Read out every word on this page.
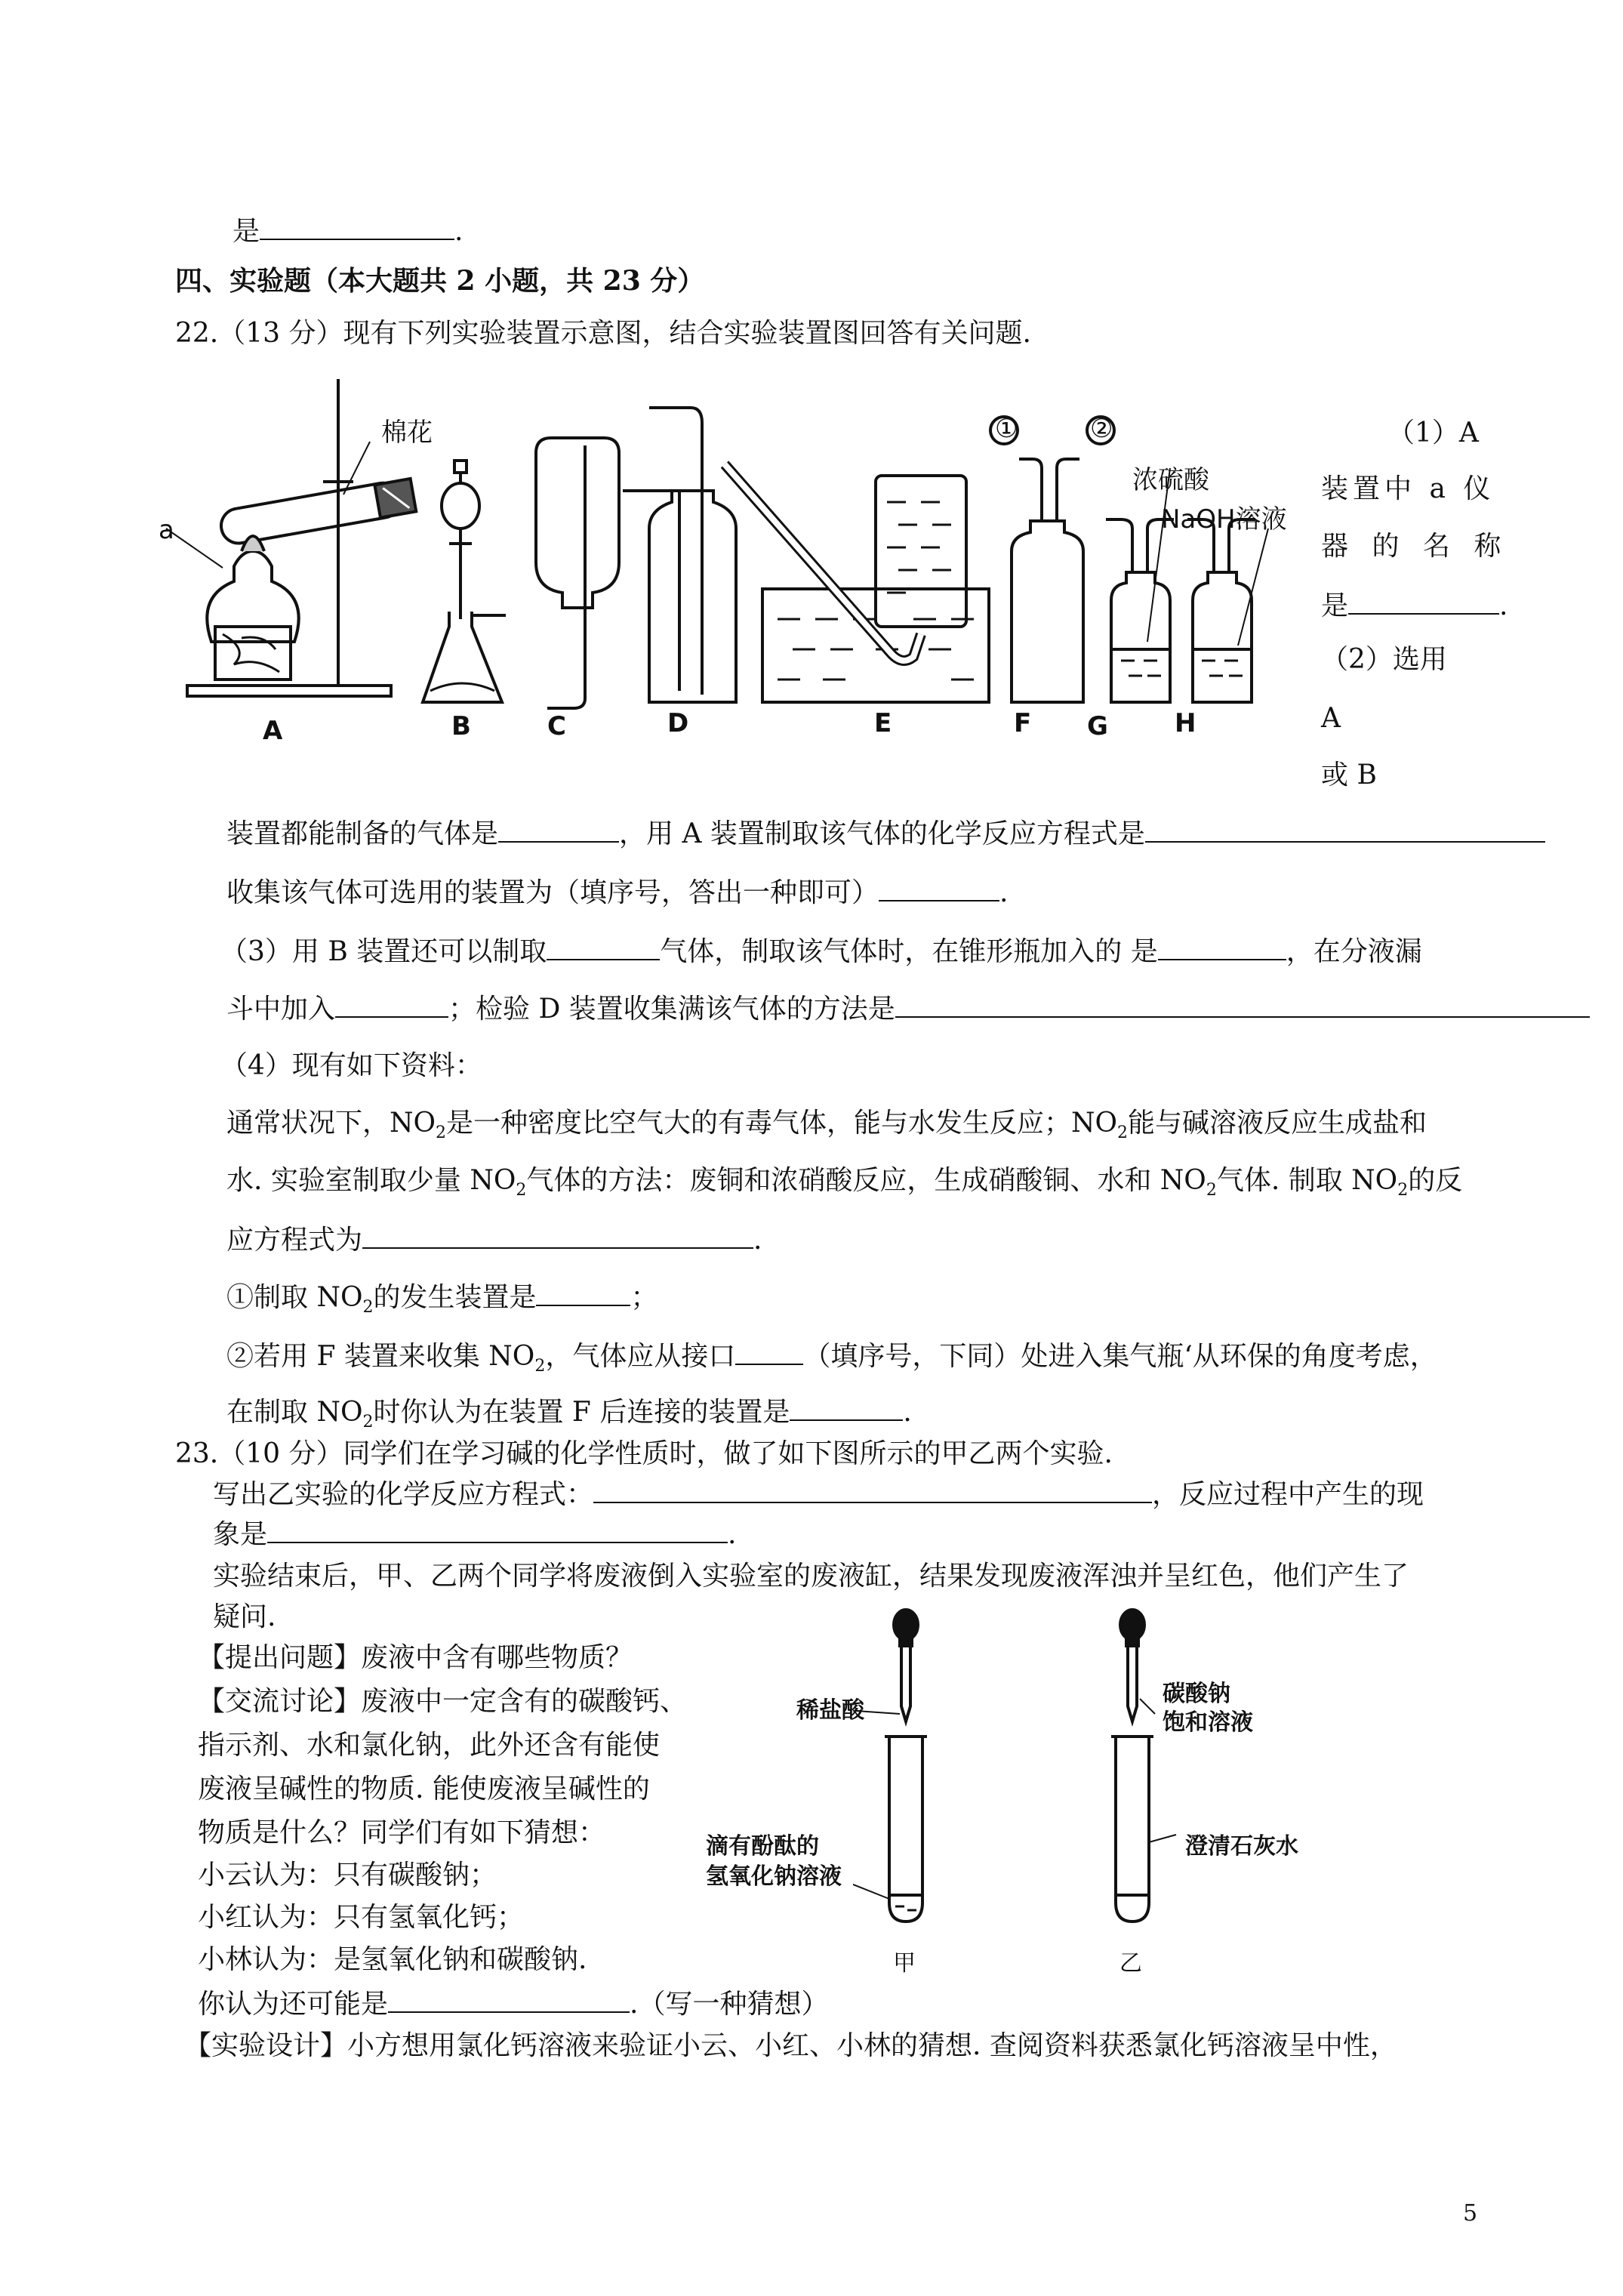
是	.
四、实验题（本大题共 2 小题，共 23 分）
22.（13 分）现有下列实验装置示意图，结合实验装置图回答有关问题.
a
棉花	①	②
浓硫酸
NaOH溶液
A	B	C	D	E	F G	H
（1）A
装置中 a 仪
器 的 名 称
是	.
（2）选用
A
或 B
装置都能制备的气体是	，用 A 装置制取该气体的化学反应方程式是
收集该气体可选用的装置为（填序号，答出一种即可）	.
（3）用 B 装置还可以制取	气体，制取该气体时，在锥形瓶加入的 是	，在分液漏
斗中加入	；检验 D 装置收集满该气体的方法是
（4）现有如下资料：
通常状况下，$NO_2$是一种密度比空气大的有毒气体，能与水发生反应；$NO_2$能与碱溶液反应生成盐和
水. 实验室制取少量 $NO_2$气体的方法：废铜和浓硝酸反应，生成硝酸铜、水和 $NO_2$气体. 制取 $NO_2$的反
应方程式为	.
①制取 $NO_2$的发生装置是	；
②若用 F 装置来收集 $NO_2$，气体应从接口	（填序号，下同）处进入集气瓶‘从环保的角度考虑，
在制取 $NO_2$时你认为在装置 F 后连接的装置是	.
23.（10 分）同学们在学习碱的化学性质时，做了如下图所示的甲乙两个实验.
写出乙实验的化学反应方程式：	，反应过程中产生的现
象是	.
实验结束后，甲、乙两个同学将废液倒入实验室的废液缸，结果发现废液浑浊并呈红色，他们产生了
疑问.
【提出问题】废液中含有哪些物质？
【交流讨论】废液中一定含有的碳酸钙、
指示剂、水和氯化钠，此外还含有能使
废液呈碱性的物质. 能使废液呈碱性的
物质是什么？同学们有如下猜想：
小云认为：只有碳酸钠；
小红认为：只有氢氧化钙；
小林认为：是氢氧化钠和碳酸钠.
你认为还可能是	.（写一种猜想）
【实验设计】小方想用氯化钙溶液来验证小云、小红、小林的猜想. 查阅资料获悉氯化钙溶液呈中性，
稀盐酸
滴有酚酞的
氢氧化钠溶液
碳酸钠
饱和溶液
澄清石灰水
甲	乙
5
